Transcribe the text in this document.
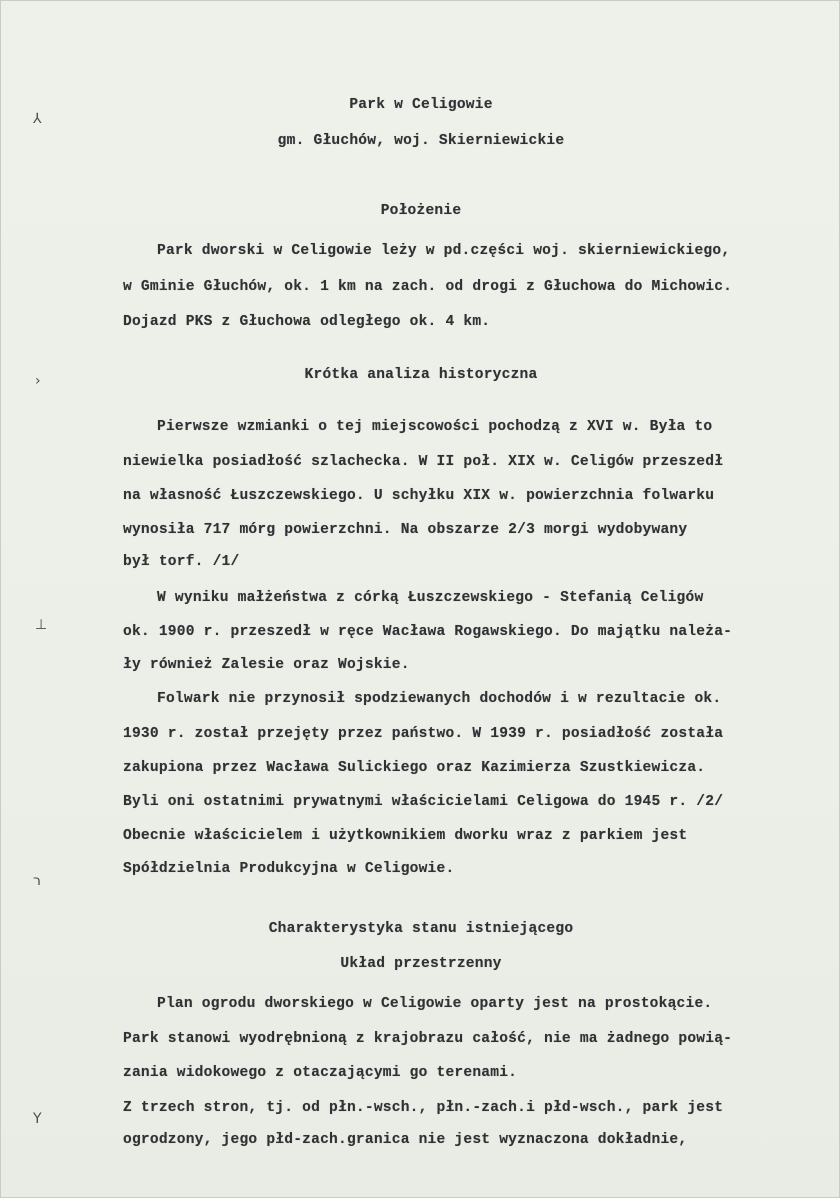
⅄
›
⊥
ר
Y
Park w Celigowie
gm. Głuchów, woj. Skierniewickie
Położenie
Park dworski w Celigowie leży w pd.części woj. skierniewickiego,
w Gminie Głuchów, ok. 1 km na zach. od drogi z Głuchowa do Michowic.
Dojazd PKS z Głuchowa odległego ok. 4 km.
Krótka analiza historyczna
Pierwsze wzmianki o tej miejscowości pochodzą z XVI w. Była to
niewielka posiadłość szlachecka. W II poł. XIX w. Celigów przeszedł
na własność Łuszczewskiego. U schyłku XIX w. powierzchnia folwarku
wynosiła 717 mórg powierzchni. Na obszarze 2/3 morgi wydobywany
był torf. /1/
W wyniku małżeństwa z córką Łuszczewskiego - Stefanią Celigów
ok. 1900 r. przeszedł w ręce Wacława Rogawskiego. Do majątku należa-
ły również Zalesie oraz Wojskie.
Folwark nie przynosił spodziewanych dochodów i w rezultacie ok.
1930 r. został przejęty przez państwo. W 1939 r. posiadłość została
zakupiona przez Wacława Sulickiego oraz Kazimierza Szustkiewicza.
Byli oni ostatnimi prywatnymi właścicielami Celigowa do 1945 r. /2/
Obecnie właścicielem i użytkownikiem dworku wraz z parkiem jest
Spółdzielnia Produkcyjna w Celigowie.
Charakterystyka stanu istniejącego
Układ przestrzenny
Plan ogrodu dworskiego w Celigowie oparty jest na prostokącie.
Park stanowi wyodrębnioną z krajobrazu całość, nie ma żadnego powią-
zania widokowego z otaczającymi go terenami.
Z trzech stron, tj. od płn.-wsch., płn.-zach.i płd-wsch., park jest
ogrodzony, jego płd-zach.granica nie jest wyznaczona dokładnie,
